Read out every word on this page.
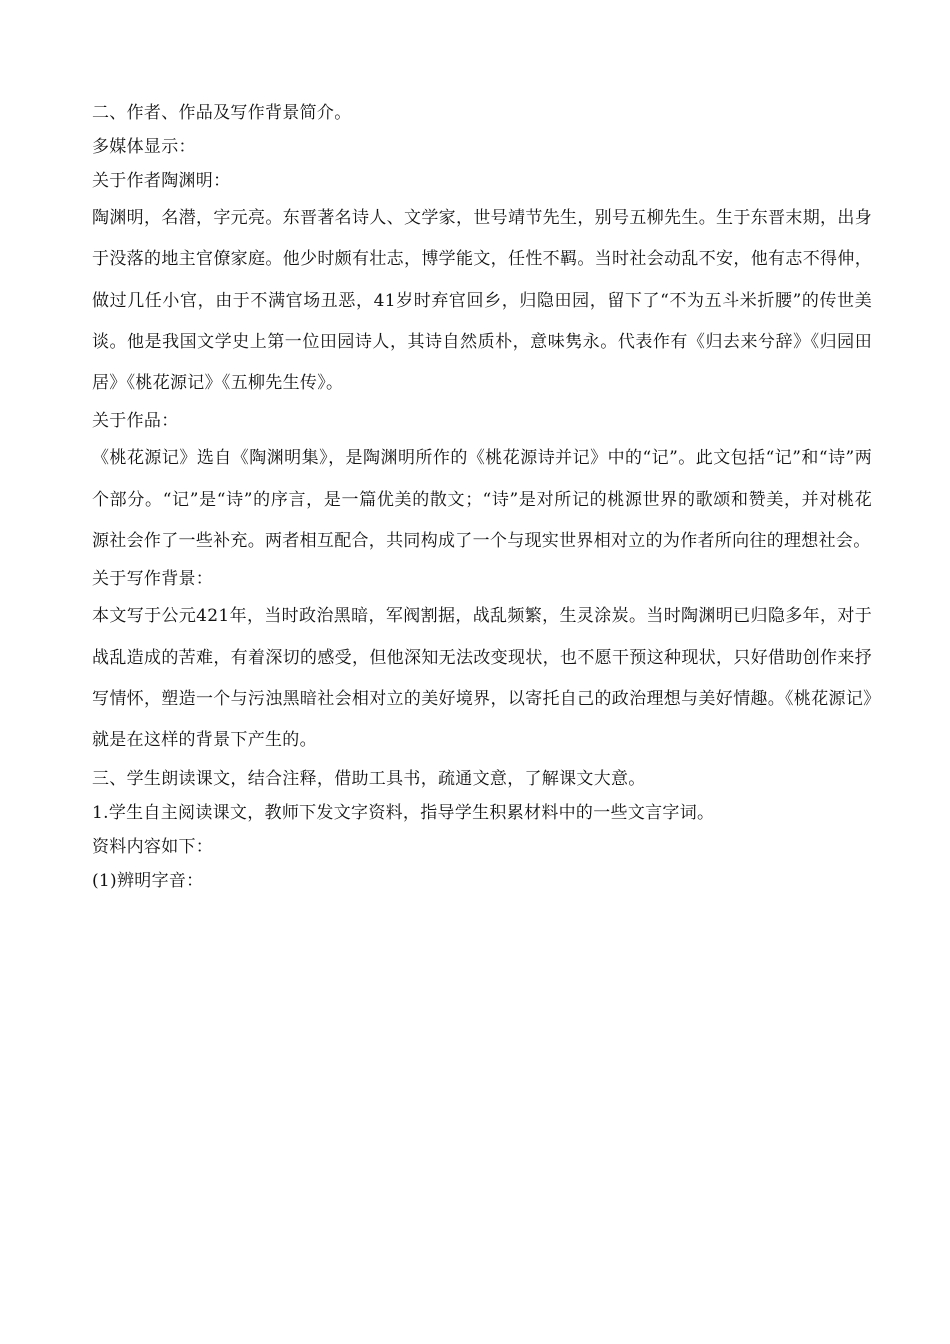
二、作者、作品及写作背景简介。
多媒体显示：
关于作者陶渊明：

陶渊明，名潜，字元亮。东晋著名诗人、文学家，世号靖节先生，别号五柳先生。生于东晋末期，出身于没落的地主官僚家庭。他少时颇有壮志，博学能文，任性不羁。当时社会动乱不安，他有志不得伸，做过几任小官，由于不满官场丑恶，41岁时弃官回乡，归隐田园，留下了“不为五斗米折腰”的传世美谈。他是我国文学史上第一位田园诗人，其诗自然质朴，意味隽永。代表作有《归去来兮辞》《归园田居》《桃花源记》《五柳先生传》。

关于作品：

《桃花源记》选自《陶渊明集》，是陶渊明所作的《桃花源诗并记》中的“记”。此文包括“记”和“诗”两个部分。“记”是“诗”的序言，是一篇优美的散文；“诗”是对所记的桃源世界的歌颂和赞美，并对桃花源社会作了一些补充。两者相互配合，共同构成了一个与现实世界相对立的为作者所向往的理想社会。

关于写作背景：

本文写于公元421年，当时政治黑暗，军阀割据，战乱频繁，生灵涂炭。当时陶渊明已归隐多年，对于战乱造成的苦难，有着深切的感受，但他深知无法改变现状，也不愿干预这种现状，只好借助创作来抒写情怀，塑造一个与污浊黑暗社会相对立的美好境界，以寄托自己的政治理想与美好情趣。《桃花源记》就是在这样的背景下产生的。

三、学生朗读课文，结合注释，借助工具书，疏通文意，了解课文大意。
1.学生自主阅读课文，教师下发文字资料，指导学生积累材料中的一些文言字词。
资料内容如下：
(1)辨明字音：
